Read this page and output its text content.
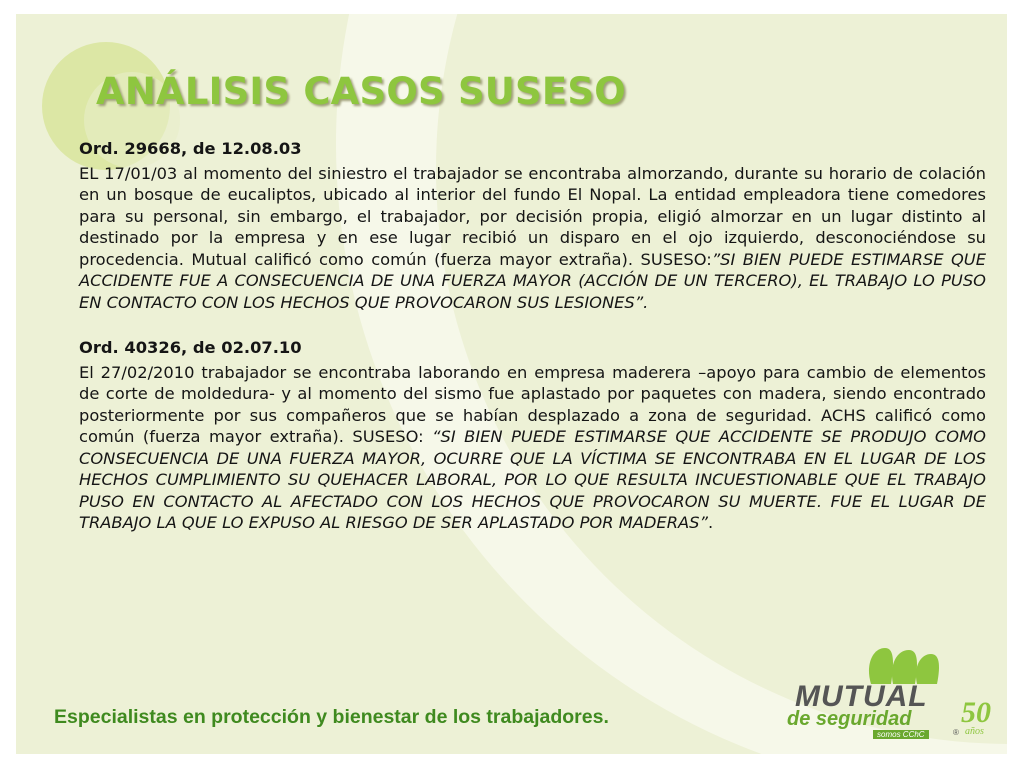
ANÁLISIS CASOS SUSESO

Ord. 29668, de 12.08.03

EL 17/01/03 al momento del siniestro el trabajador se encontraba almorzando, durante su horario de colación en un bosque de eucaliptos, ubicado al interior del fundo El Nopal. La entidad empleadora tiene comedores para su personal, sin embargo, el trabajador, por decisión propia, eligió almorzar en un lugar distinto al destinado por la empresa y en ese lugar recibió un disparo en el ojo izquierdo, desconociéndose su procedencia. Mutual calificó como común (fuerza mayor extraña). SUSESO:”SI BIEN PUEDE ESTIMARSE QUE ACCIDENTE FUE A CONSECUENCIA DE UNA FUERZA MAYOR (ACCIÓN DE UN TERCERO), EL TRABAJO LO PUSO EN CONTACTO CON LOS HECHOS QUE PROVOCARON SUS LESIONES”.

Ord. 40326, de 02.07.10

El 27/02/2010 trabajador se encontraba laborando en empresa maderera –apoyo para cambio de elementos de corte de moldedura- y al momento del sismo fue aplastado por paquetes con madera, siendo encontrado posteriormente por sus compañeros que se habían desplazado a zona de seguridad. ACHS calificó como común (fuerza mayor extraña). SUSESO: “SI BIEN PUEDE ESTIMARSE QUE ACCIDENTE SE PRODUJO COMO CONSECUENCIA DE UNA FUERZA MAYOR, OCURRE QUE LA VÍCTIMA SE ENCONTRABA EN EL LUGAR DE LOS HECHOS CUMPLIMIENTO SU QUEHACER LABORAL, POR LO QUE RESULTA INCUESTIONABLE QUE EL TRABAJO PUSO EN CONTACTO AL AFECTADO CON LOS HECHOS QUE PROVOCARON SU MUERTE. FUE EL LUGAR DE TRABAJO LA QUE LO EXPUSO AL RIESGO DE SER APLASTADO POR MADERAS”.

Especialistas en protección y bienestar de los trabajadores.
MUTUAL
de seguridad
somos CChC	®
50
años
